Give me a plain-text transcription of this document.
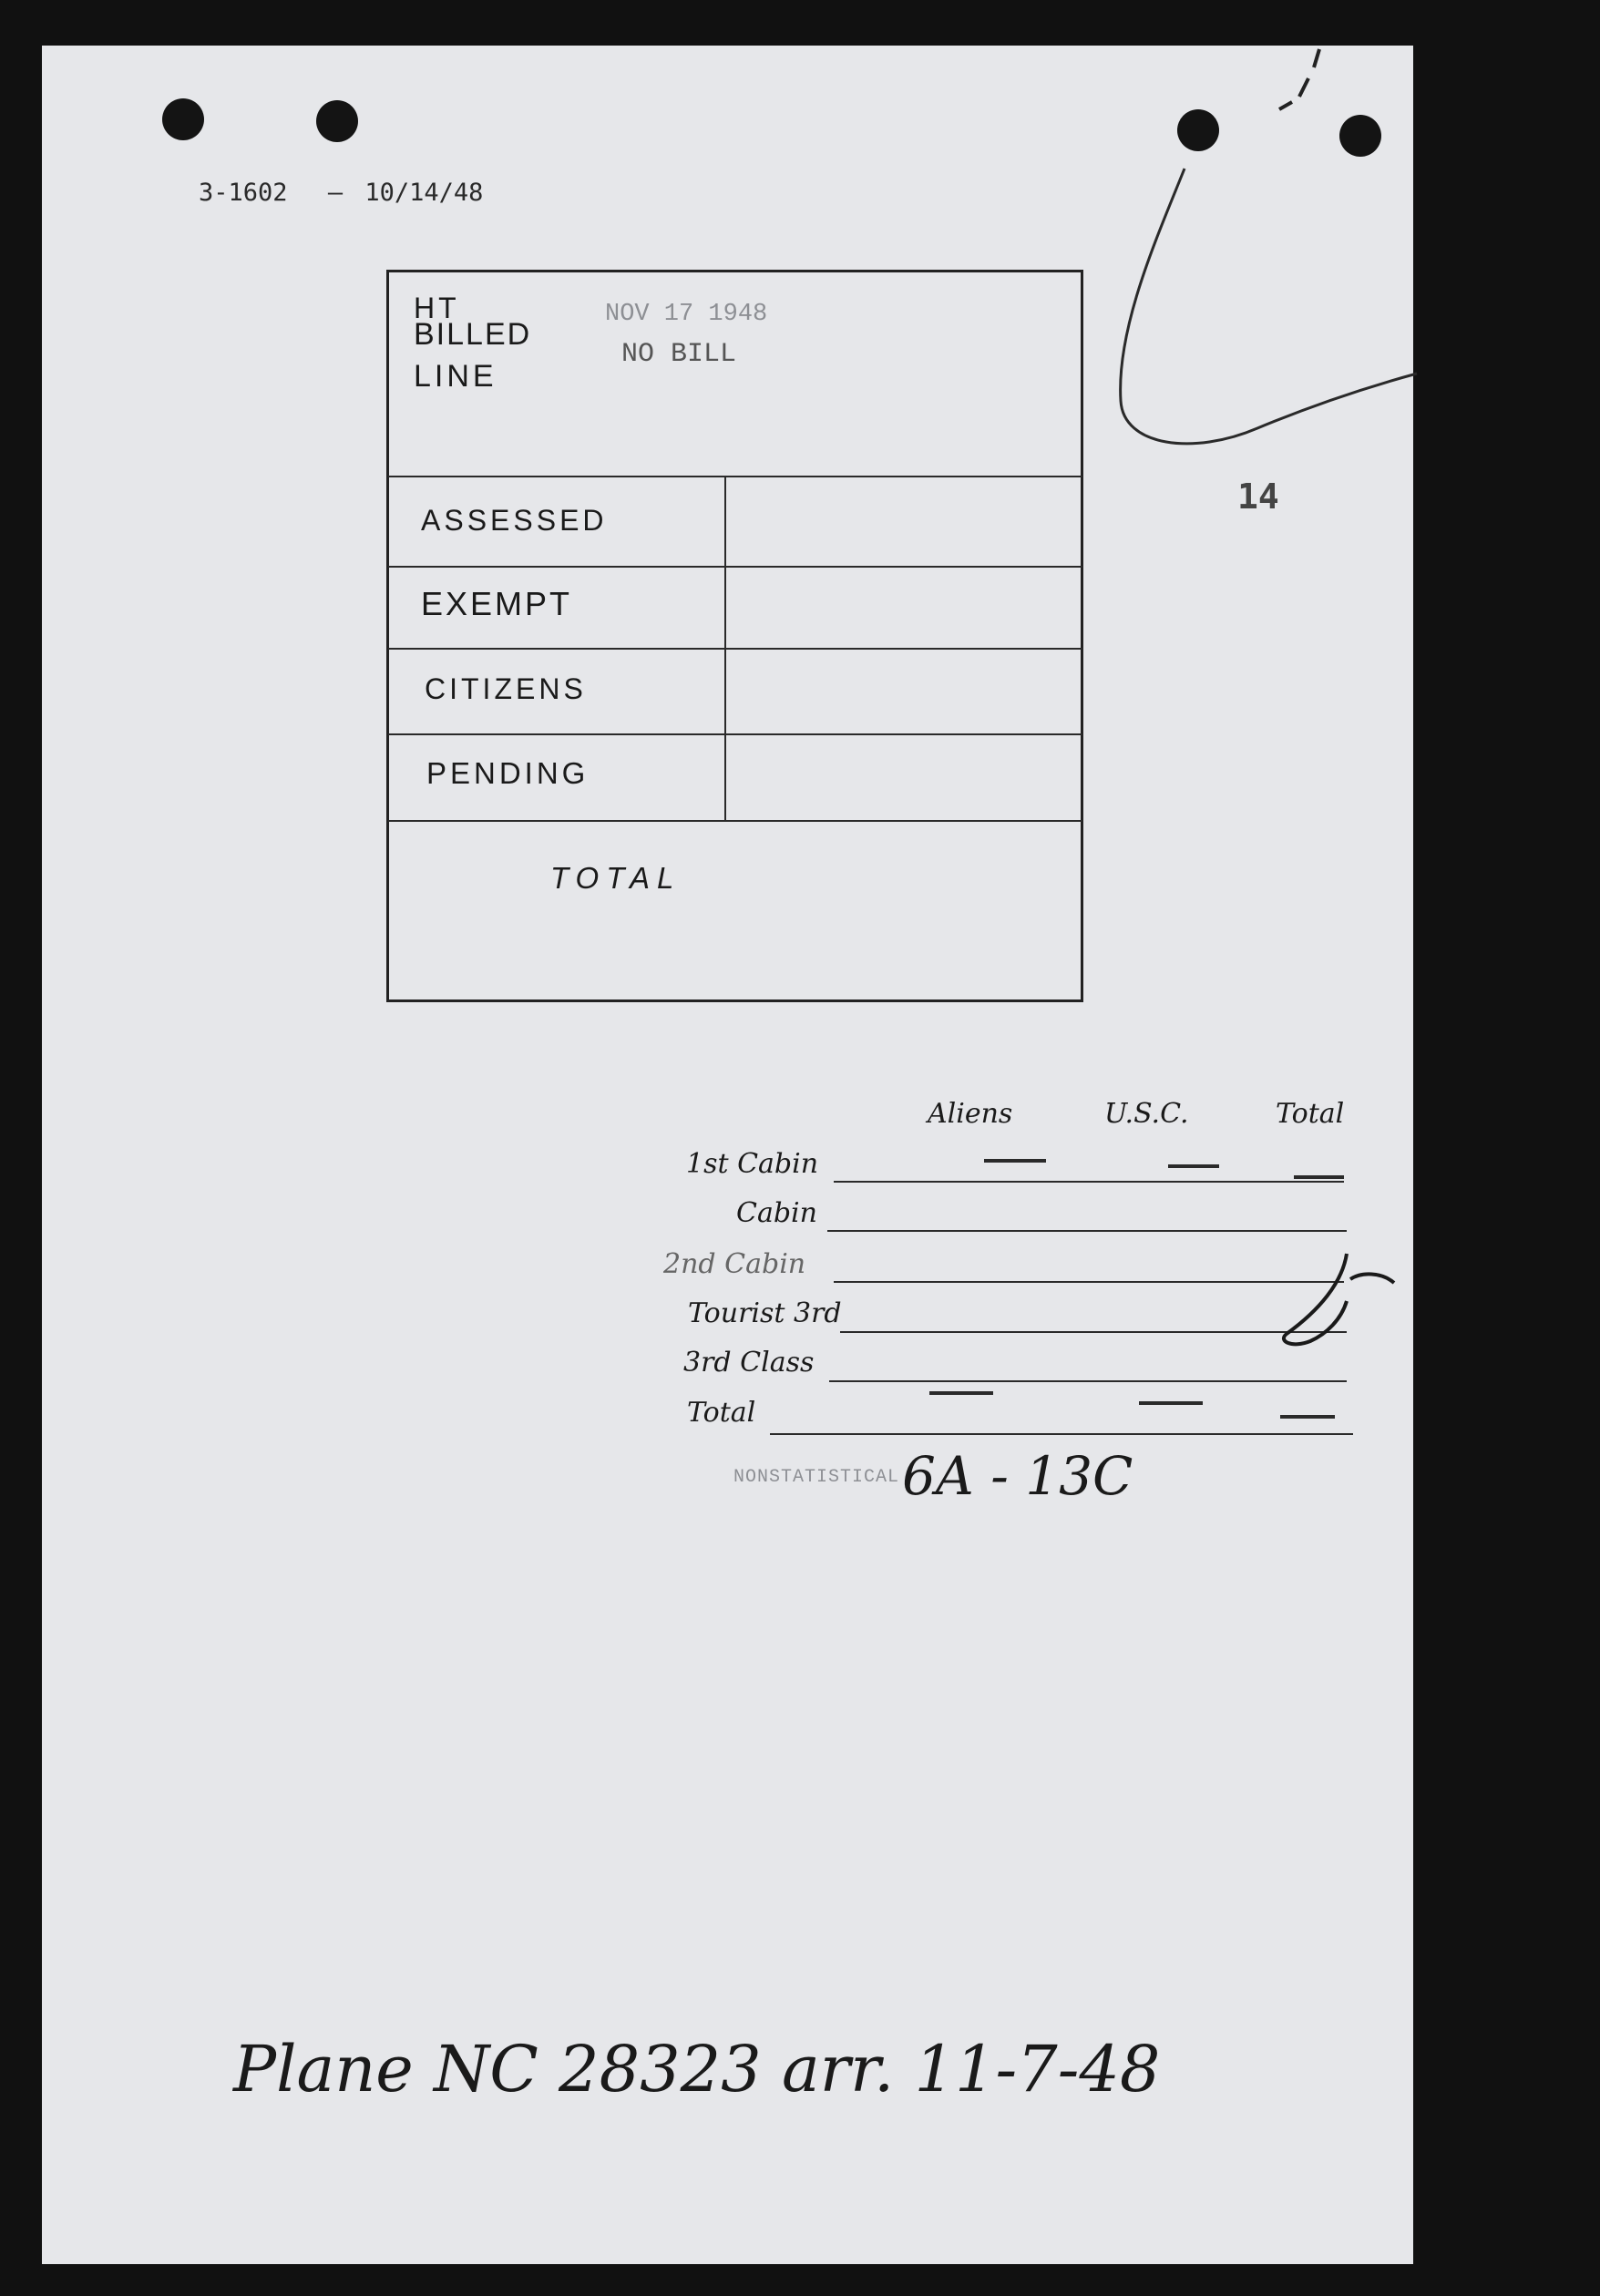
3-1602 — 10/14/48
HT
BILLED
LINE
NOV 17 1948
NO BILL
ASSESSED
EXEMPT
CITIZENS
PENDING
TOTAL
14
Aliens	U.S.C.	Total
1st Cabin
Cabin
2nd Cabin
Tourist 3rd
3rd Class
Total
NONSTATISTICAL 6A - 13C
Plane NC 28323 arr. 11-7-48
